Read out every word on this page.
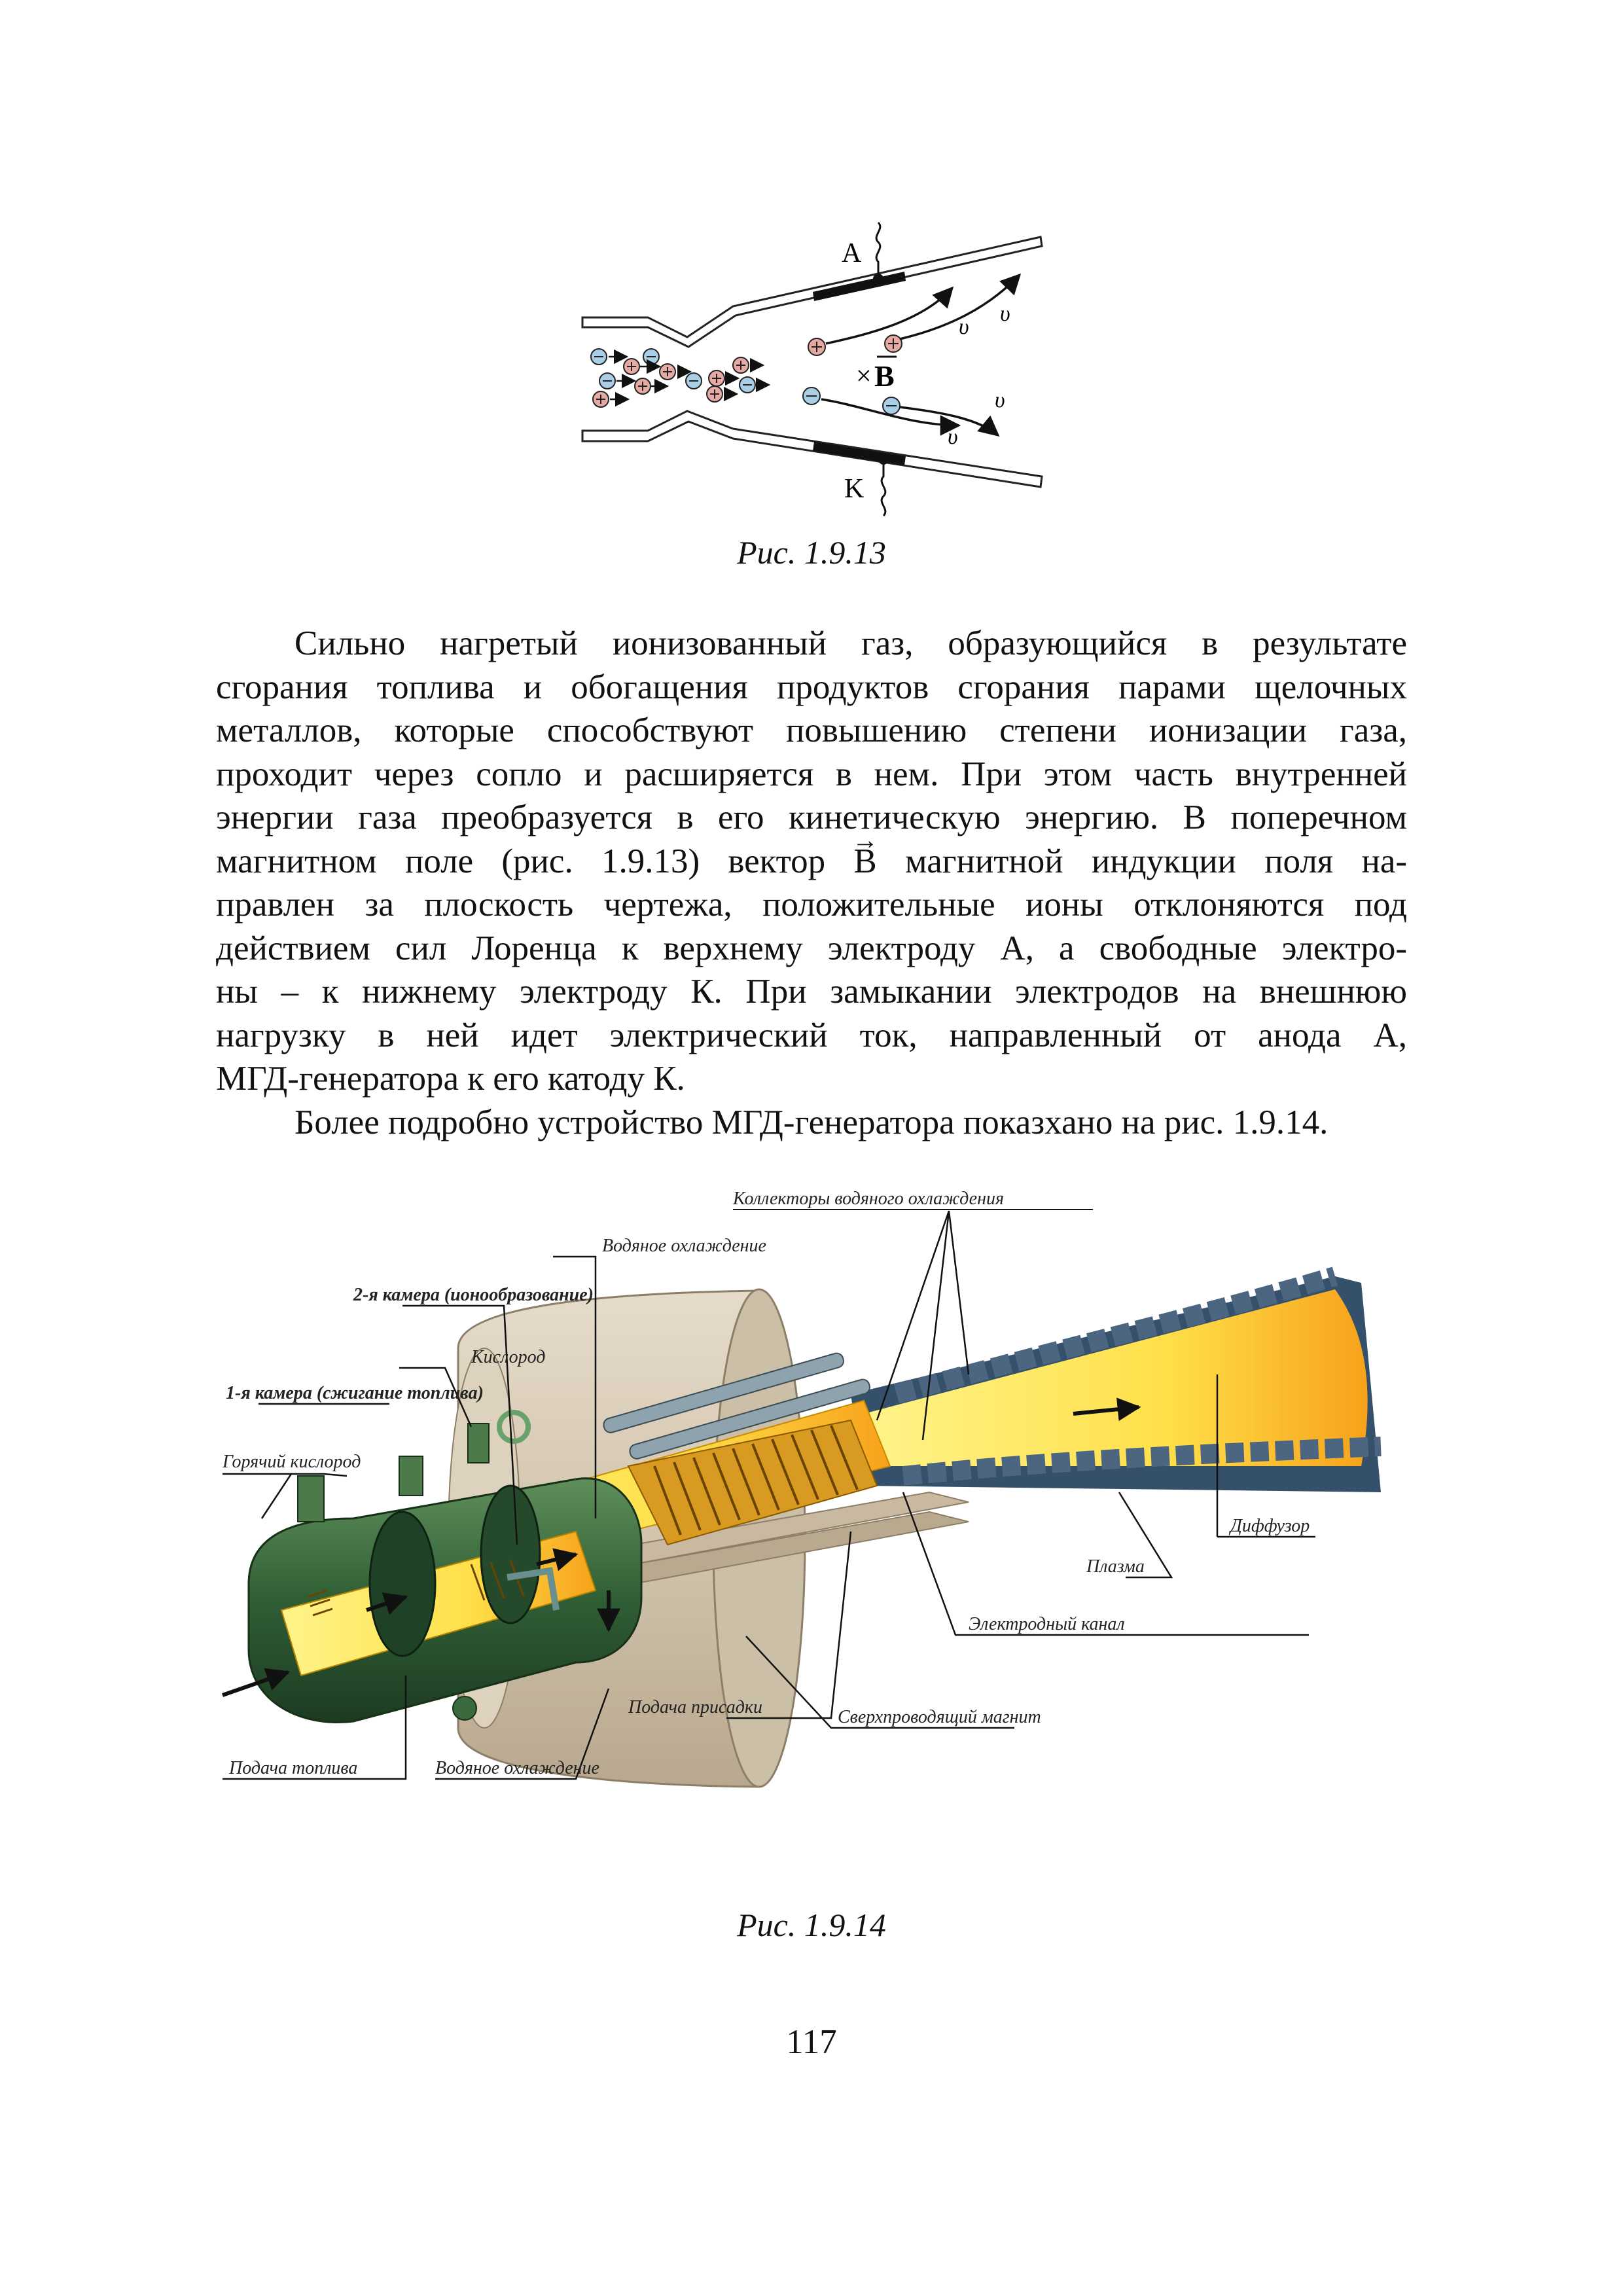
A
K
υ
υ
υ
υ
× B
Рис. 1.9.13
Сильно нагретый ионизованный газ, образующийся в результате
сгорания топлива и обогащения продуктов сгорания парами щелочных
металлов, которые способствуют повышению степени ионизации газа,
проходит через сопло и расширяется в нем. При этом часть внутренней
энергии газа преобразуется в его кинетическую энергию. В поперечном
магнитном поле (рис. 1.9.13) вектор → B магнитной индукции поля на-
правлен за плоскость чертежа, положительные ионы отклоняются под
действием сил Лоренца к верхнему электроду А, а свободные электро-
ны – к нижнему электроду К. При замыкании электродов на внешнюю
нагрузку в ней идет электрический ток, направленный от анода А,
МГД-генератора к его катоду К.
Более подробно устройство МГД-генератора показхано на рис. 1.9.14.
Коллекторы водяного охлаждения
Водяное охлаждение
2-я камера (ионообразование)
Кислород
1-я камера (сжигание топлива)
Горячий кислород
Диффузор
Плазма
Электродный канал
Подача присадки	Сверхпроводящий магнит
Подача топлива	Водяное охлаждение
Рис. 1.9.14
117
